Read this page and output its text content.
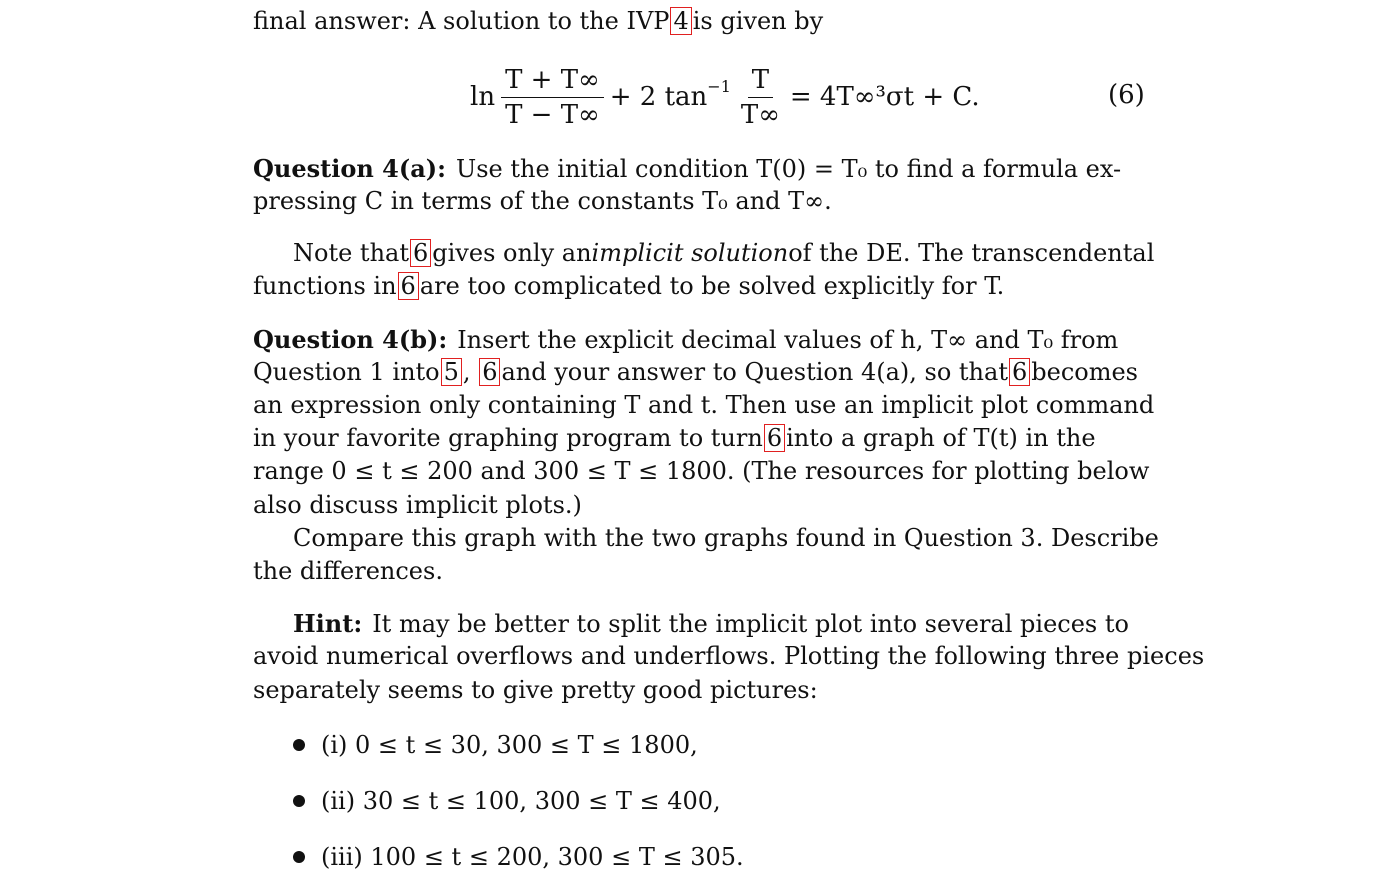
final answer: A solution to the IVP 4 is given by
$\ln \frac{T + T\infty}{T - T\infty} + 2$ $\tan^{-1} \frac{T}{T\infty} = 4T\infty^3\sigma t + C$.	(6)
Question 4(a): Use the initial condition T(0) = T₀ to find a formula ex-
pressing C in terms of the constants T₀ and T∞.
Note that 6 gives only an implicit solution of the DE. The transcendental
functions in 6 are too complicated to be solved explicitly for T.
Question 4(b): Insert the explicit decimal values of h, T∞ and T₀ from
Question 1 into 5 , 6 and your answer to Question 4(a), so that 6 becomes
an expression only containing T and t. Then use an implicit plot command
in your favorite graphing program to turn 6 into a graph of T(t) in the
range 0 ≤ t ≤ 200 and 300 ≤ T ≤ 1800. (The resources for plotting below
also discuss implicit plots.)
Compare this graph with the two graphs found in Question 3. Describe
the differences.
Hint: It may be better to split the implicit plot into several pieces to
avoid numerical overflows and underflows. Plotting the following three pieces
separately seems to give pretty good pictures:
(i) 0 ≤ t ≤ 30, 300 ≤ T ≤ 1800,
(ii) 30 ≤ t ≤ 100, 300 ≤ T ≤ 400,
(iii) 100 ≤ t ≤ 200, 300 ≤ T ≤ 305.
